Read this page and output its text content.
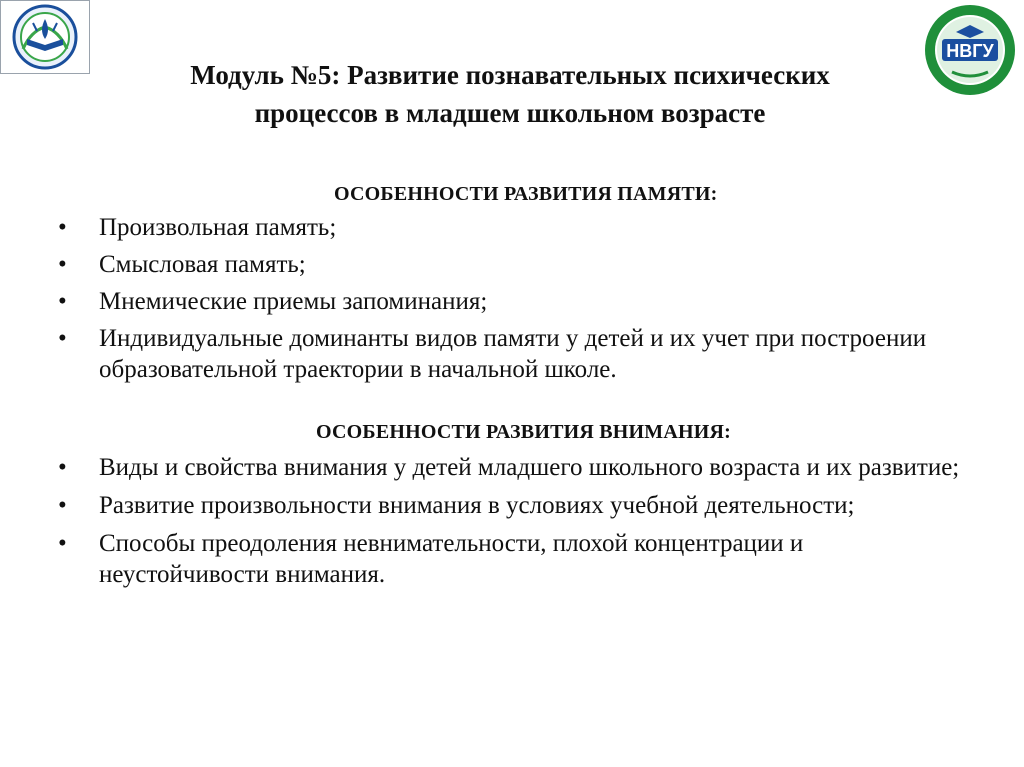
НВГУ
Модуль №5: Развитие познавательных психических
процессов в младшем школьном возрасте
ОСОБЕННОСТИ РАЗВИТИЯ ПАМЯТИ:
• Произвольная память;
• Смысловая память;
• Мнемические приемы запоминания;
• Индивидуальные доминанты видов памяти у детей и их учет при построении образовательной траектории в начальной школе.
ОСОБЕННОСТИ РАЗВИТИЯ ВНИМАНИЯ:
• Виды и свойства внимания у детей младшего школьного возраста и их развитие;
• Развитие произвольности внимания в условиях учебной деятельности;
• Способы преодоления невнимательности, плохой концентрации и неустойчивости внимания.
